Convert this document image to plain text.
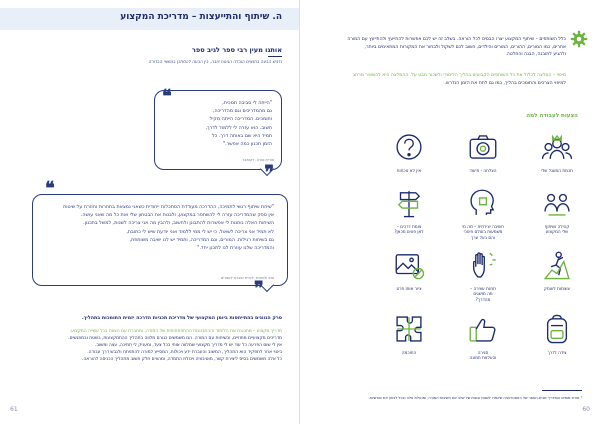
ה. שיתוף והתייעצות – מדריכת המקצוע
אותנו מעין רבי ספר לגיב ספר
נדגיש הבעה בתנאים הובלה הגיגות ויובה, בין הבעה להסתכן בנושאי הבדורה
❝
❞
"הייתה לי סביבה תמכית,
גם מהמדריכים וגם מהדריכה,
ותומכים. המדריכה הייתה מקיל
חשוב. הוא עזרה לי ללמוד לדרך,
תמיד היא שם באותה דרך. כל
הזמן תכנון כמה אפשר."
אורית מורה, דקומבר
❝
❞
"שיחת שיתוף רגשי לתמיכה, ההדרכה מעודדת הסתכלות ייחודית כשאני נמצאת בתחרות וחוזרת על שיטות
אין ספק שהמדריכה עזרה לי להשתפר במקצוע, ולבנות את הבטחון שלי ואת כל מה שאני עושה.
השיחות האלה נותנות לי אפשרות להתבונן ולחשוב, ולהבין מה אני צריכה לשנות, למשל בתכנון.
לא תמיד אני צריכה לשאול, כי יש לי ממי ללמוד ואני יודעת שיש לי כתובת,
גם בשיחות רגילות. המורים, וגם המדריכה, ותמיד יש לנו ישיבה משותפת,
והמדריכה שלנו עוזרת לנו לתכנן יחד."
חנה ולומנית, ליוויית ובוגרת לנוצרים
סרק הגוונים בהתייחסות ביומן המקצועי של מדריכת תכניות הדרכה יזמית התומכות בתהליך.
מדריך מקצוע – מתכננת את הלימוד וההתבוננות ההתפתחותית של המורה, ומחברת עם הצוות בכל עשייה המקצוע.
מדריכים מקצועיים מחוזיים, ובשיחות עם המורה. הם משמשים כגורם מלווה בתהליך ההתמקצעות, בשטח ובמפגשים.
אין לי שום הפרעה כל עוד יש לי מדריך מקצועי שמלווה אותי בכל צעד, ומעניק לי תמיכה, עצה ומשוב.
ביטוי אחר לתפקיד הוא התהליך, המשוב והעברת ידע ויכולות, המסייע למורה להתפתח ולגבש דרך עבודה.
כל אלה משמשים בסיס ליצירת קשר, מוטיבציה ויכולת התמדה, ומהווים חלק חשוב מתהליך הכניסה להוראה.
61
כלל השותפים – שיתוף המקצוע יצרו הבסיס לכל הוראה. בשלב זה יש לכם אפשרות להתייעץ ולהתייעץ עם המורה
אחרים, כמו המורים, ההורים, המורים והילדים, חשוב לכם לשקול ולבחור את המקורות המתאימים ביותר,
ולהגיע לתובנה, הבנה והחלטה.
מיפוי – המלצה לכלול את כל השותפים הקבועים בהליך הלימודי ולשכור מבט על. ההמלצה היא להשאיר מרחב
למיפוי הצרכים והתומכים בהליך, כמו גם לתת את הזמן הנדרש.
הצעות לעבודה למה
חכמת המעגל שלי
הצלחה - תיעוד
אין לא נוכחות
קהילה ושיתוף
שלי המקצוע
חשיבה יצירתית – מה מי
משמעות בעולם חינוכי
והם בעל ערך
צומת דרכים –
לאן פונים מכאן?
עוצמות לעומק
תחנת עצירה –
מה מושגים
מהדרך?
ציור אותו פרט
צידה לדרך
סגירה
והעלאת תמונה
החוכמה
¹ מורת מומים והמדריך מבית-הספר של האסטרטגיה שאמרו לשנות ובונות של שלב את חשיבות המורה, ומנהלת אלה ובכל לבחון את שורשיות.
60
